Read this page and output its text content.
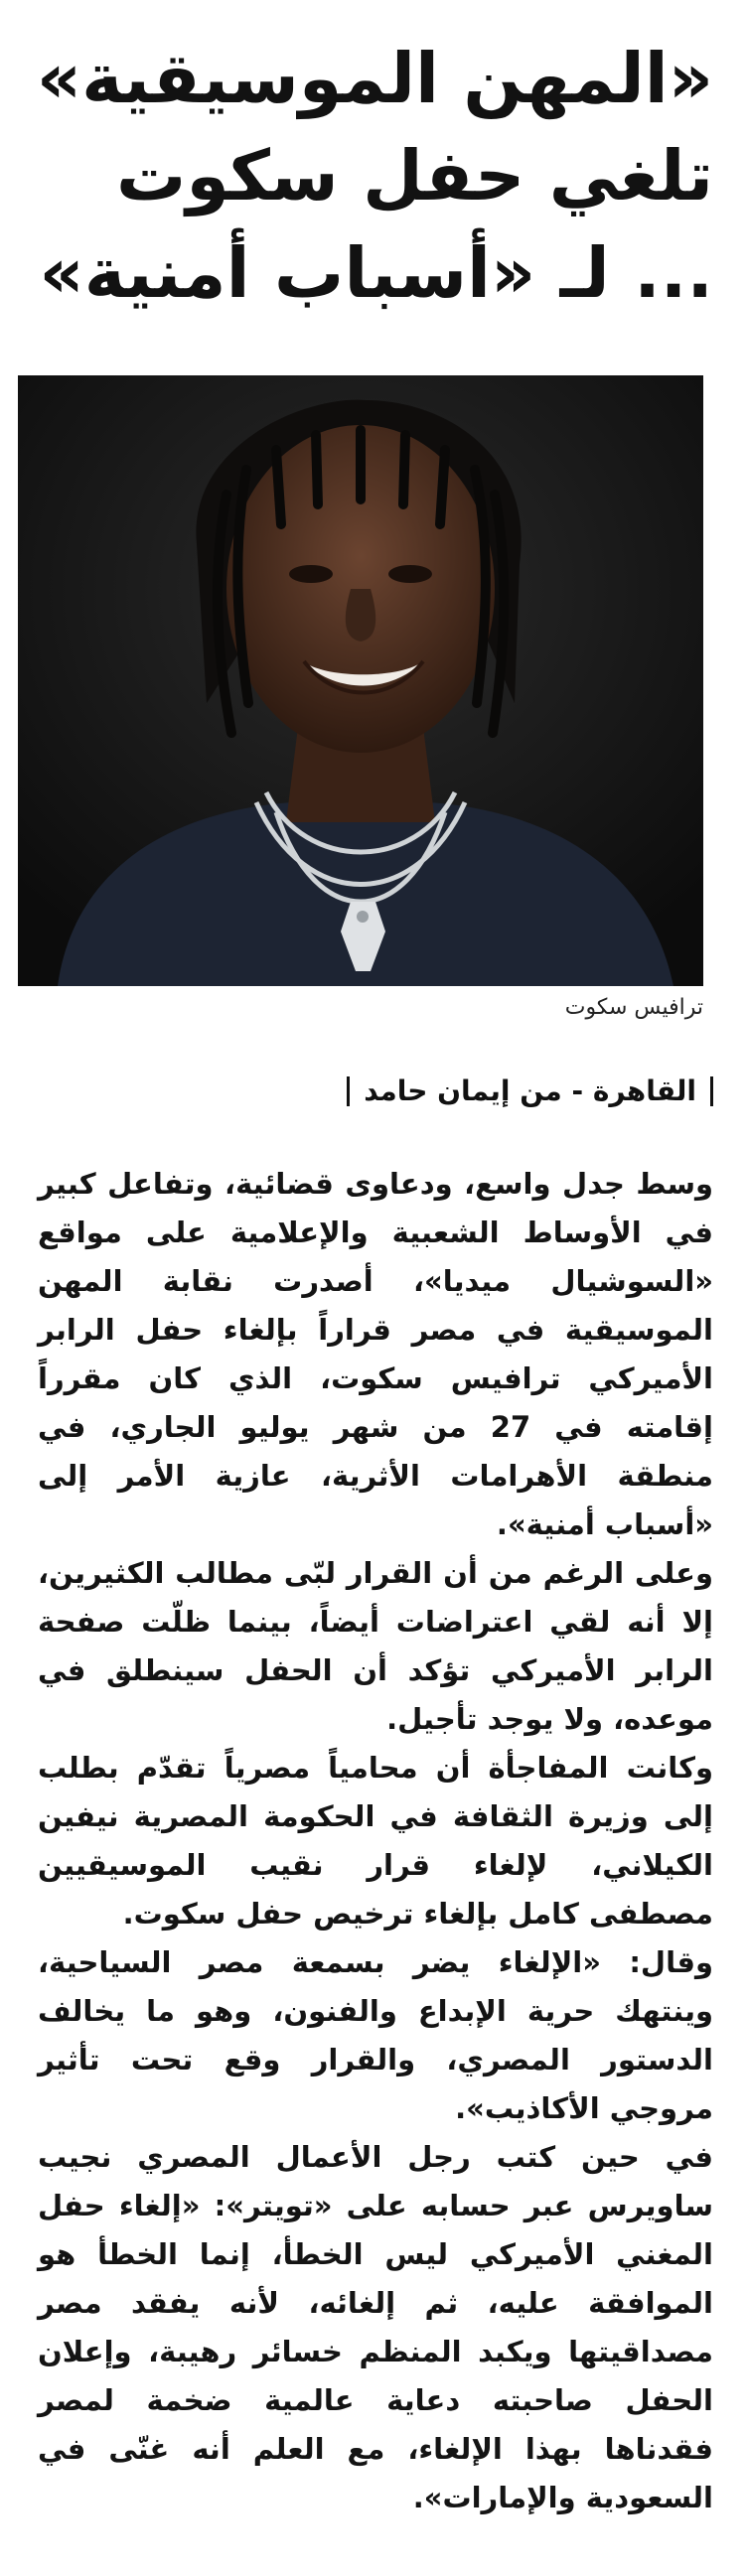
«المهن الموسيقية»
تلغي حفل سكوت
... لـ «أسباب أمنية»
ترافيس سكوت
القاهرة - من إيمان حامد

وسط جدل واسع، ودعاوى قضائية، وتفاعل كبير في الأوساط الشعبية والإعلامية على مواقع «السوشيال ميديا»، أصدرت نقابة المهن الموسيقية في مصر قراراً بإلغاء حفل الرابر الأميركي ترافيس سكوت، الذي كان مقرراً إقامته في 27 من شهر يوليو الجاري، في منطقة الأهرامات الأثرية، عازية الأمر إلى «أسباب أمنية».

وعلى الرغم من أن القرار لبّى مطالب الكثيرين، إلا أنه لقي اعتراضات أيضاً، بينما ظلّت صفحة الرابر الأميركي تؤكد أن الحفل سينطلق في موعده، ولا يوجد تأجيل.

وكانت المفاجأة أن محامياً مصرياً تقدّم بطلب إلى وزيرة الثقافة في الحكومة المصرية نيفين الكيلاني، لإلغاء قرار نقيب الموسيقيين مصطفى كامل بإلغاء ترخيص حفل سكوت.

وقال: «الإلغاء يضر بسمعة مصر السياحية، وينتهك حرية الإبداع والفنون، وهو ما يخالف الدستور المصري، والقرار وقع تحت تأثير مروجي الأكاذيب».

في حين كتب رجل الأعمال المصري نجيب ساويرس عبر حسابه على «تويتر»: «إلغاء حفل المغني الأميركي ليس الخطأ، إنما الخطأ هو الموافقة عليه، ثم إلغائه، لأنه يفقد مصر مصداقيتها ويكبد المنظم خسائر رهيبة، وإعلان الحفل صاحبته دعاية عالمية ضخمة لمصر فقدناها بهذا الإلغاء، مع العلم أنه غنّى في السعودية والإمارات».
